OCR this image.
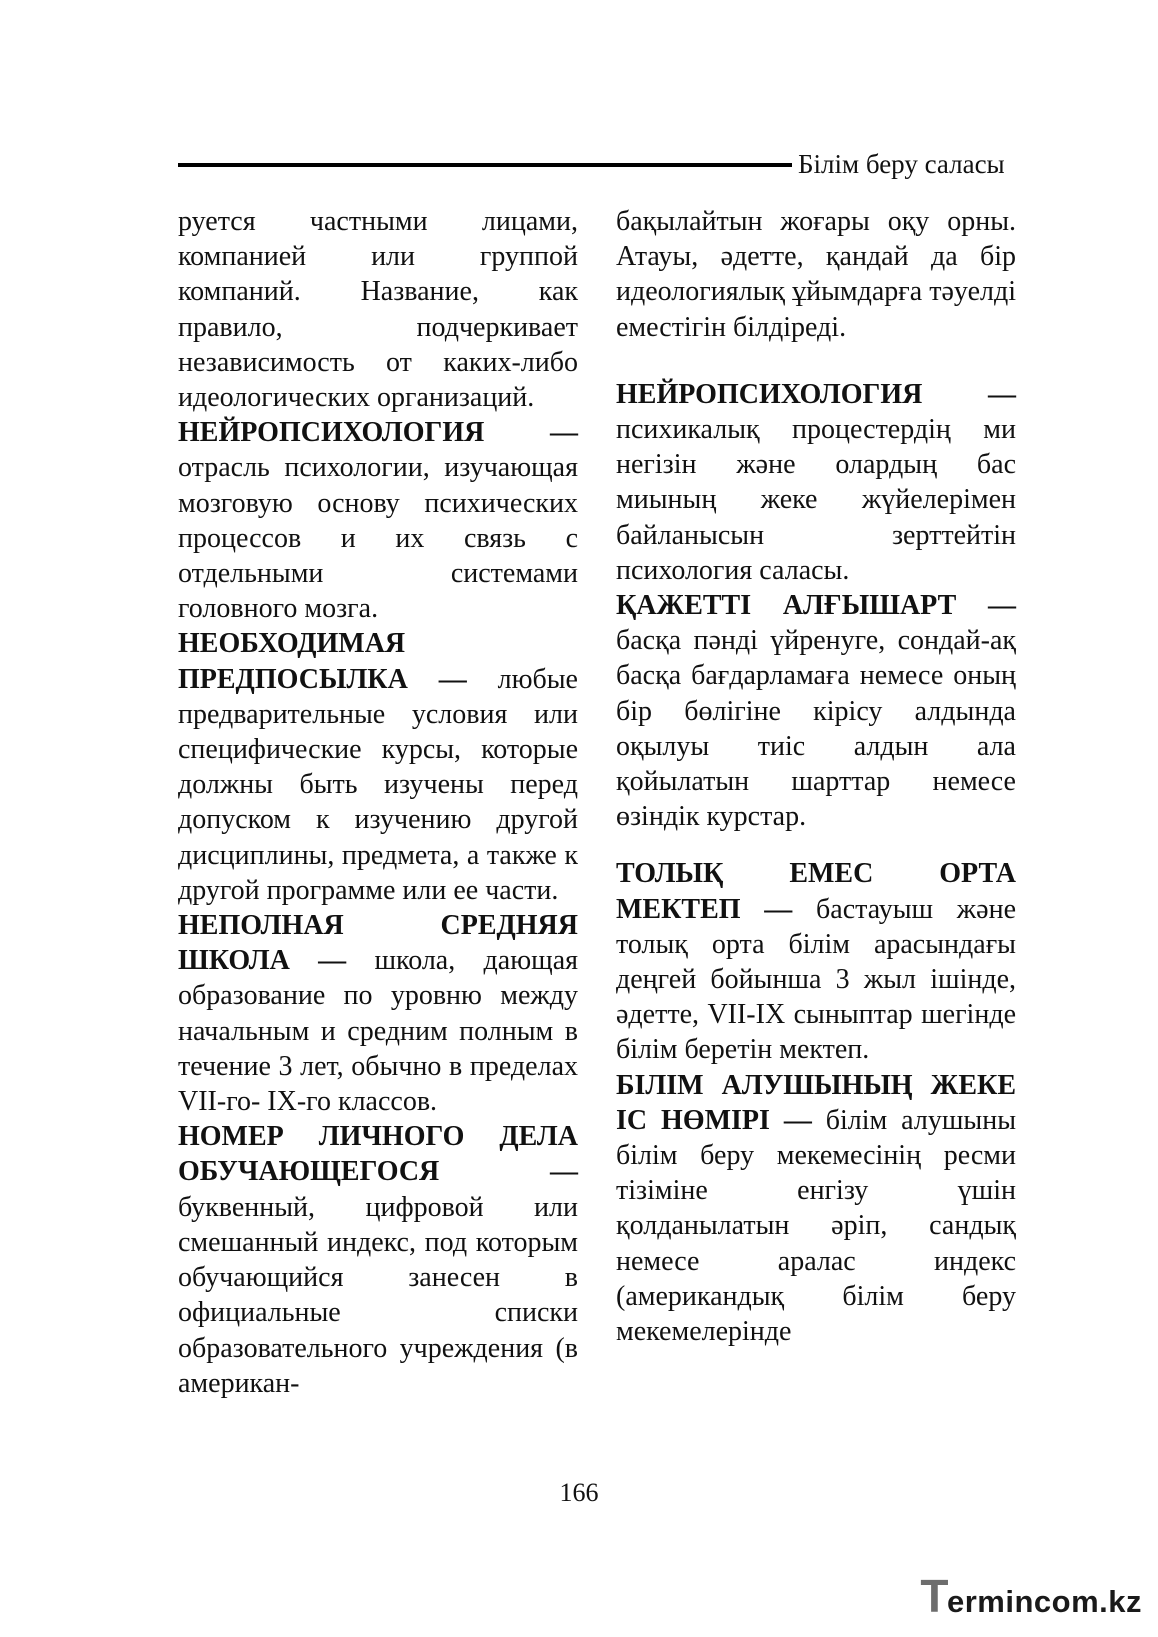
Білім беру саласы

руется частными лицами, компанией или группой компаний. Название, как правило, подчеркивает независимость от каких-либо идеологических организаций.

НЕЙРОПСИХОЛОГИЯ — отрасль психологии, изучающая мозговую основу психических процессов и их связь с отдельными системами головного мозга.

НЕОБХОДИМАЯ ПРЕДПОСЫЛКА — любые предварительные условия или специфические курсы, которые должны быть изучены перед допуском к изучению другой дисциплины, предмета, а также к другой программе или ее части.

НЕПОЛНАЯ СРЕДНЯЯ ШКОЛА — школа, дающая образование по уровню между начальным и средним полным в течение 3 лет, обычно в пределах VII-го- IX-го классов.

НОМЕР ЛИЧНОГО ДЕЛА ОБУЧАЮЩЕГОСЯ — буквенный, цифровой или смешанный индекс, под которым обучающийся занесен в официальные списки образовательного учреждения (в американ-

бақылайтын жоғары оқу орны. Атауы, әдетте, қандай да бір идеологиялық ұйымдарға тәуелді еместігін білдіреді.

НЕЙРОПСИХОЛОГИЯ — психикалық процестердің ми негізін және олардың бас миының жеке жүйелерімен байланысын зерттейтін психология саласы.

ҚАЖЕТТІ АЛҒЫШАРТ — басқа пәнді үйренуге, сондай-ақ басқа бағдарламаға немесе оның бір бөлігіне кірісу алдында оқылуы тиіс алдын ала қойылатын шарттар немесе өзіндік курстар.

ТОЛЫҚ ЕМЕС ОРТА МЕКТЕП — бастауыш және толық орта білім арасындағы деңгей бойынша 3 жыл ішінде, әдетте, VII-IX сыныптар шегінде білім беретін мектеп.

БІЛІМ АЛУШЫНЫҢ ЖЕКЕ ІС НӨМІРІ — білім алушыны білім беру мекемесінің ресми тізіміне енгізу үшін қолданылатын әріп, сандық немесе аралас индекс (американдық білім беру мекемелерінде

166
Termincom.kz
